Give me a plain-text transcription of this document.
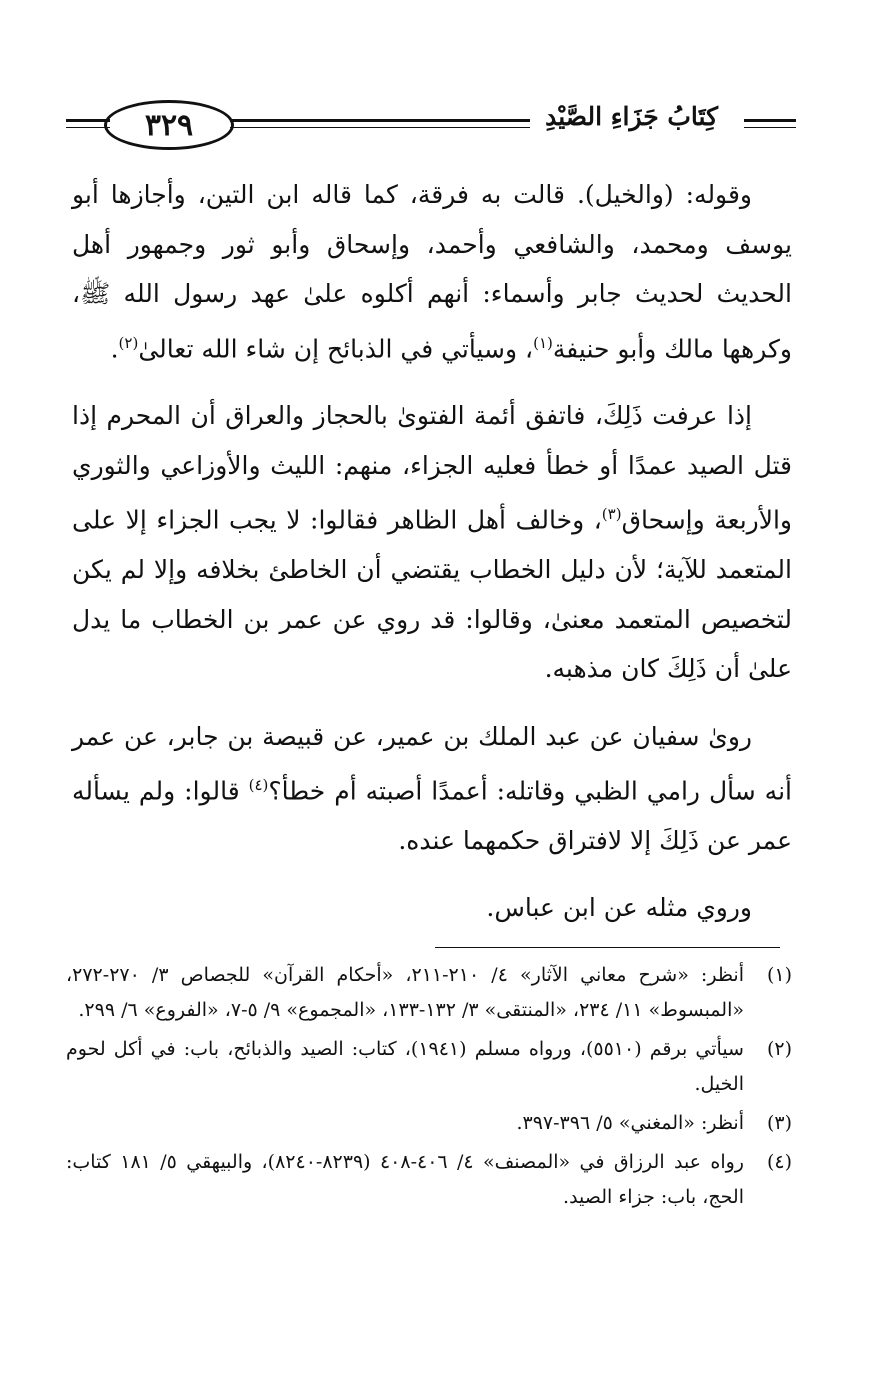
٣٢٩	كِتَابُ جَزَاءِ الصَّيْدِ

وقوله: (والخيل). قالت به فرقة، كما قاله ابن التين، وأجازها أبو يوسف ومحمد، والشافعي وأحمد، وإسحاق وأبو ثور وجمهور أهل الحديث لحديث جابر وأسماء: أنهم أكلوه علىٰ عهد رسول الله ﷺ، وكرهها مالك وأبو حنيفة$^{(١)}$، وسيأتي في الذبائح إن شاء الله تعالىٰ$^{(٢)}$.

إذا عرفت ذَلِكَ، فاتفق أئمة الفتوىٰ بالحجاز والعراق أن المحرم إذا قتل الصيد عمدًا أو خطأ فعليه الجزاء، منهم: الليث والأوزاعي والثوري والأربعة وإسحاق$^{(٣)}$، وخالف أهل الظاهر فقالوا: لا يجب الجزاء إلا على المتعمد للآية؛ لأن دليل الخطاب يقتضي أن الخاطئ بخلافه وإلا لم يكن لتخصيص المتعمد معنىٰ، وقالوا: قد روي عن عمر بن الخطاب ما يدل علىٰ أن ذَلِكَ كان مذهبه.

روىٰ سفيان عن عبد الملك بن عمير، عن قبيصة بن جابر، عن عمر أنه سأل رامي الظبي وقاتله: أعمدًا أصبته أم خطأ؟$^{(٤)}$ قالوا: ولم يسأله عمر عن ذَلِكَ إلا لافتراق حكمهما عنده.

وروي مثله عن ابن عباس.

(١)
أنظر: «شرح معاني الآثار» ٤/ ٢١٠-٢١١، «أحكام القرآن» للجصاص ٣/ ٢٧٠-٢٧٢، «المبسوط» ١١/ ٢٣٤، «المنتقى» ٣/ ١٣٢-١٣٣، «المجموع» ٩/ ٥-٧، «الفروع» ٦/ ٢٩٩.
(٢)
سيأتي برقم (٥٥١٠)، ورواه مسلم (١٩٤١)، كتاب: الصيد والذبائح، باب: في أكل لحوم الخيل.
(٣)
أنظر: «المغني» ٥/ ٣٩٦-٣٩٧.
(٤)
رواه عبد الرزاق في «المصنف» ٤/ ٤٠٦-٤٠٨ (٨٢٣٩-٨٢٤٠)، والبيهقي ٥/ ١٨١ كتاب: الحج، باب: جزاء الصيد.
